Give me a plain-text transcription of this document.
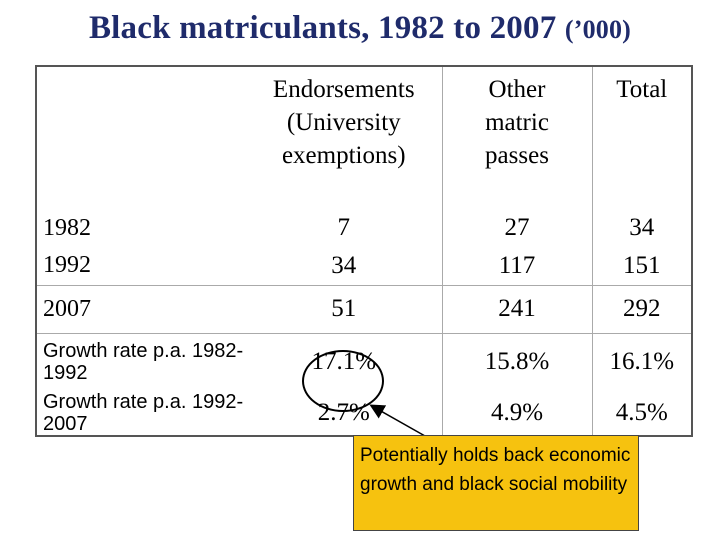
Black matriculants, 1982 to 2007 (’000)
	Endorsements (University exemptions)	Other matric passes	Total

1982	7	27	34
1992	34	117	151
2007	51	241	292
Growth rate p.a. 1982-1992	17.1%	15.8%	16.1%
Growth rate p.a. 1992-2007	2.7%	4.9%	4.5%
Potentially holds back economic growth and black social mobility
